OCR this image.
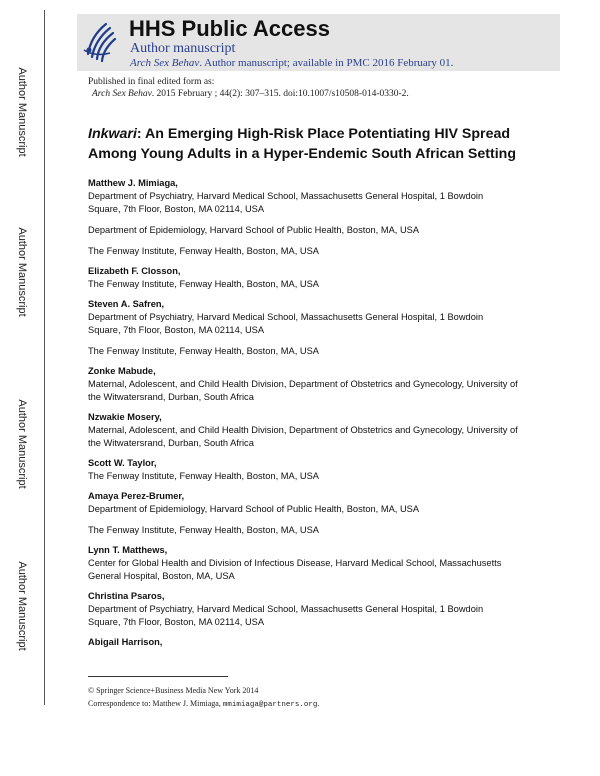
Author Manuscript
Author Manuscript
Author Manuscript
Author Manuscript
HHS Public Access
Author manuscript
Arch Sex Behav. Author manuscript; available in PMC 2016 February 01.
Published in final edited form as:
Arch Sex Behav. 2015 February ; 44(2): 307–315. doi:10.1007/s10508-014-0330-2.
Inkwari: An Emerging High-Risk Place Potentiating HIV Spread Among Young Adults in a Hyper-Endemic South African Setting
Matthew J. Mimiaga,
Department of Psychiatry, Harvard Medical School, Massachusetts General Hospital, 1 Bowdoin Square, 7th Floor, Boston, MA 02114, USA
Department of Epidemiology, Harvard School of Public Health, Boston, MA, USA
The Fenway Institute, Fenway Health, Boston, MA, USA
Elizabeth F. Closson,
The Fenway Institute, Fenway Health, Boston, MA, USA
Steven A. Safren,
Department of Psychiatry, Harvard Medical School, Massachusetts General Hospital, 1 Bowdoin Square, 7th Floor, Boston, MA 02114, USA
The Fenway Institute, Fenway Health, Boston, MA, USA
Zonke Mabude,
Maternal, Adolescent, and Child Health Division, Department of Obstetrics and Gynecology, University of the Witwatersrand, Durban, South Africa
Nzwakie Mosery,
Maternal, Adolescent, and Child Health Division, Department of Obstetrics and Gynecology, University of the Witwatersrand, Durban, South Africa
Scott W. Taylor,
The Fenway Institute, Fenway Health, Boston, MA, USA
Amaya Perez-Brumer,
Department of Epidemiology, Harvard School of Public Health, Boston, MA, USA
The Fenway Institute, Fenway Health, Boston, MA, USA
Lynn T. Matthews,
Center for Global Health and Division of Infectious Disease, Harvard Medical School, Massachusetts General Hospital, Boston, MA, USA
Christina Psaros,
Department of Psychiatry, Harvard Medical School, Massachusetts General Hospital, 1 Bowdoin Square, 7th Floor, Boston, MA 02114, USA
Abigail Harrison,
© Springer Science+Business Media New York 2014
Correspondence to: Matthew J. Mimiaga, mmimiaga@partners.org.
